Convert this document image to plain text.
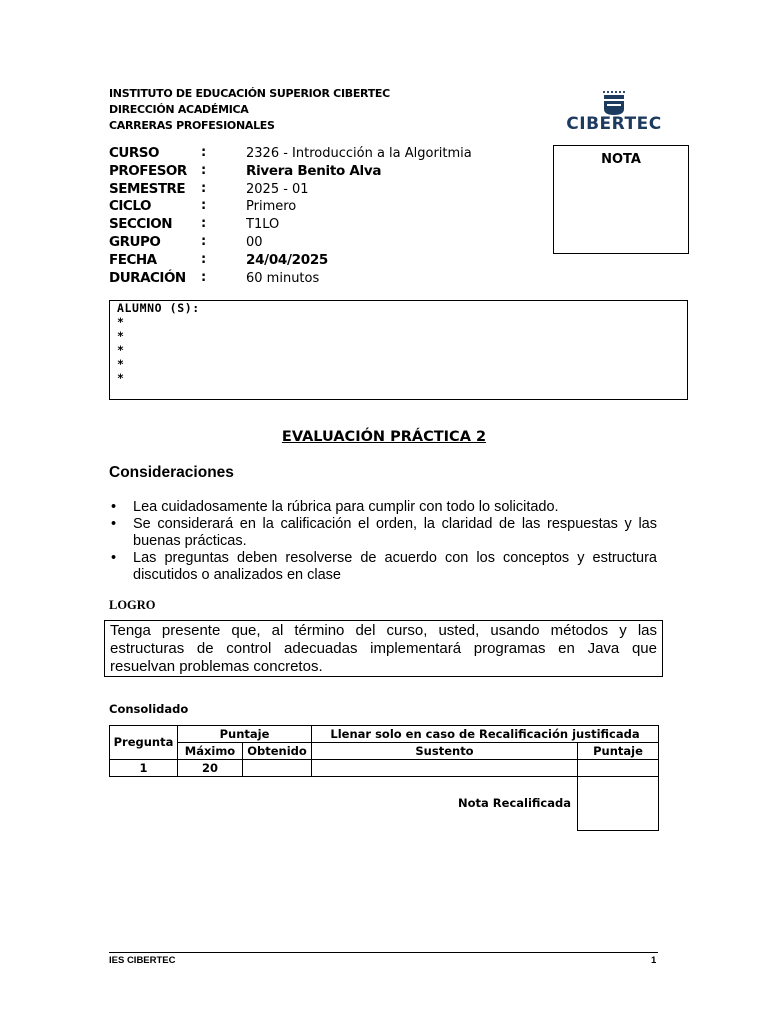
INSTITUTO DE EDUCACIÓN SUPERIOR CIBERTEC
DIRECCIÓN ACADÉMICA
CARRERAS PROFESIONALES	CIBERTEC
NOTA
CURSO	:	2326 - Introducción a la Algoritmia
PROFESOR :	Rivera Benito Alva
SEMESTRE :	2025 - 01
CICLO	:	Primero
SECCION :	T1LO
GRUPO	:	00
FECHA	:	24/04/2025
DURACIÓN :	60 minutos
ALUMNO (S):
*
*
*
*
*
EVALUACIÓN PRÁCTICA 2
Consideraciones
• Lea cuidadosamente la rúbrica para cumplir con todo lo solicitado.
• Se considerará en la calificación el orden, la claridad de las respuestas y las buenas prácticas.
• Las preguntas deben resolverse de acuerdo con los conceptos y estructura discutidos o analizados en clase
LOGRO
Tenga presente que, al término del curso, usted, usando métodos y las estructuras de control adecuadas implementará programas en Java que resuelvan problemas concretos.
Consolidado
Pregunta	Puntaje		Llenar solo en caso de Recalificación justificada	
	Máximo	Obtenido	Sustento	Puntaje
1	20			
Nota Recalificada				
IES CIBERTEC	1
